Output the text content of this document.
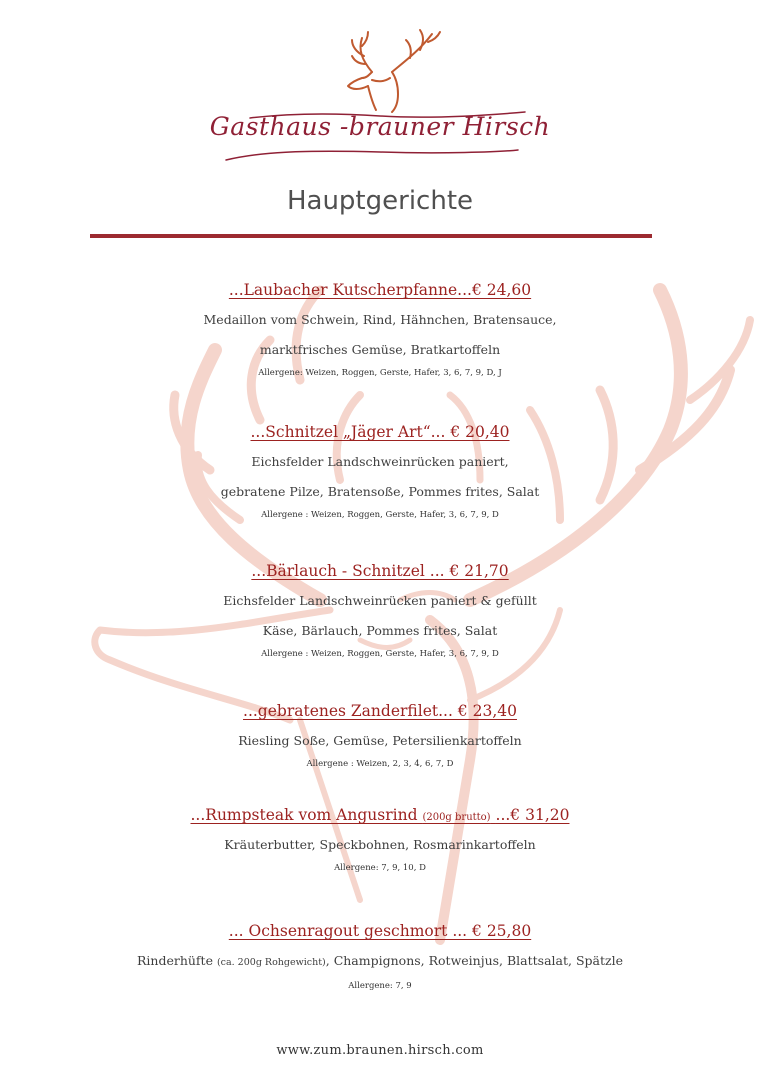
Gasthaus -brauner Hirsch
Hauptgerichte
...Laubacher Kutscherpfanne...€ 24,60
Medaillon vom Schwein, Rind, Hähnchen, Bratensauce,
marktfrisches Gemüse, Bratkartoffeln
Allergene: Weizen, Roggen, Gerste, Hafer, 3, 6, 7, 9, D, J
...Schnitzel „Jäger Art“... € 20,40
Eichsfelder Landschweinrücken paniert,
gebratene Pilze, Bratensoße, Pommes frites, Salat
Allergene : Weizen, Roggen, Gerste, Hafer, 3, 6, 7, 9, D
...Bärlauch - Schnitzel ... € 21,70
Eichsfelder Landschweinrücken paniert & gefüllt
Käse, Bärlauch, Pommes frites, Salat
Allergene : Weizen, Roggen, Gerste, Hafer, 3, 6, 7, 9, D
...gebratenes Zanderfilet... € 23,40
Riesling Soße, Gemüse, Petersilienkartoffeln
Allergene : Weizen, 2, 3, 4, 6, 7, D
...Rumpsteak vom Angusrind (200g brutto) ...€ 31,20
Kräuterbutter, Speckbohnen, Rosmarinkartoffeln
Allergene: 7, 9, 10, D
... Ochsenragout geschmort ... € 25,80
Rinderhüfte (ca. 200g Rohgewicht), Champignons, Rotweinjus, Blattsalat, Spätzle
Allergene: 7, 9
www.zum.braunen.hirsch.com
